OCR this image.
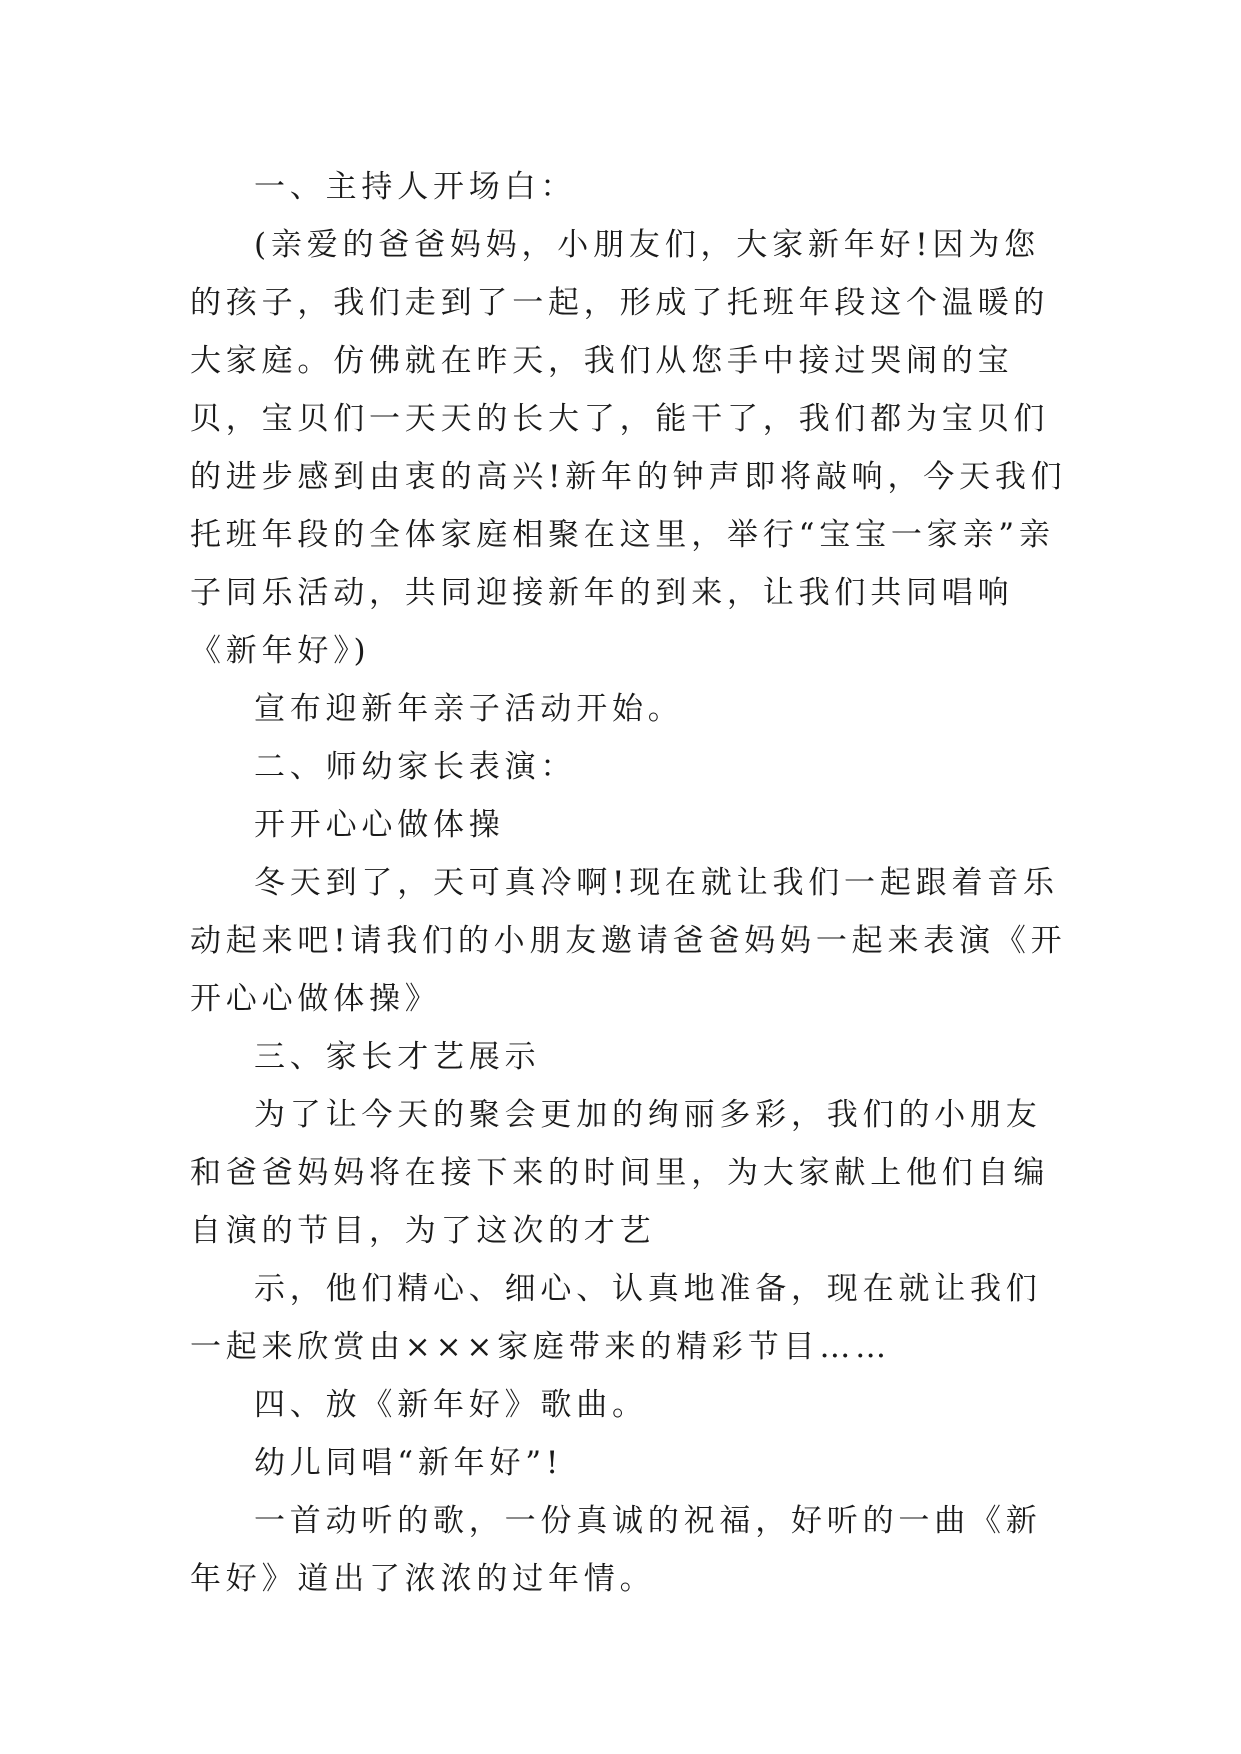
一、主持人开场白：

(亲爱的爸爸妈妈，小朋友们，大家新年好!因为您的孩子，我们走到了一起，形成了托班年段这个温暖的大家庭。仿佛就在昨天，我们从您手中接过哭闹的宝贝，宝贝们一天天的长大了，能干了，我们都为宝贝们的进步感到由衷的高兴!新年的钟声即将敲响，今天我们托班年段的全体家庭相聚在这里，举行“宝宝一家亲”亲子同乐活动，共同迎接新年的到来，让我们共同唱响《新年好》)

宣布迎新年亲子活动开始。

二、师幼家长表演：

开开心心做体操

冬天到了，天可真冷啊!现在就让我们一起跟着音乐动起来吧!请我们的小朋友邀请爸爸妈妈一起来表演《开开心心做体操》

三、家长才艺展示

为了让今天的聚会更加的绚丽多彩，我们的小朋友和爸爸妈妈将在接下来的时间里，为大家献上他们自编自演的节目，为了这次的才艺

示，他们精心、细心、认真地准备，现在就让我们一起来欣赏由×××家庭带来的精彩节目……

四、放《新年好》歌曲。

幼儿同唱“新年好”!

一首动听的歌，一份真诚的祝福，好听的一曲《新年好》道出了浓浓的过年情。
